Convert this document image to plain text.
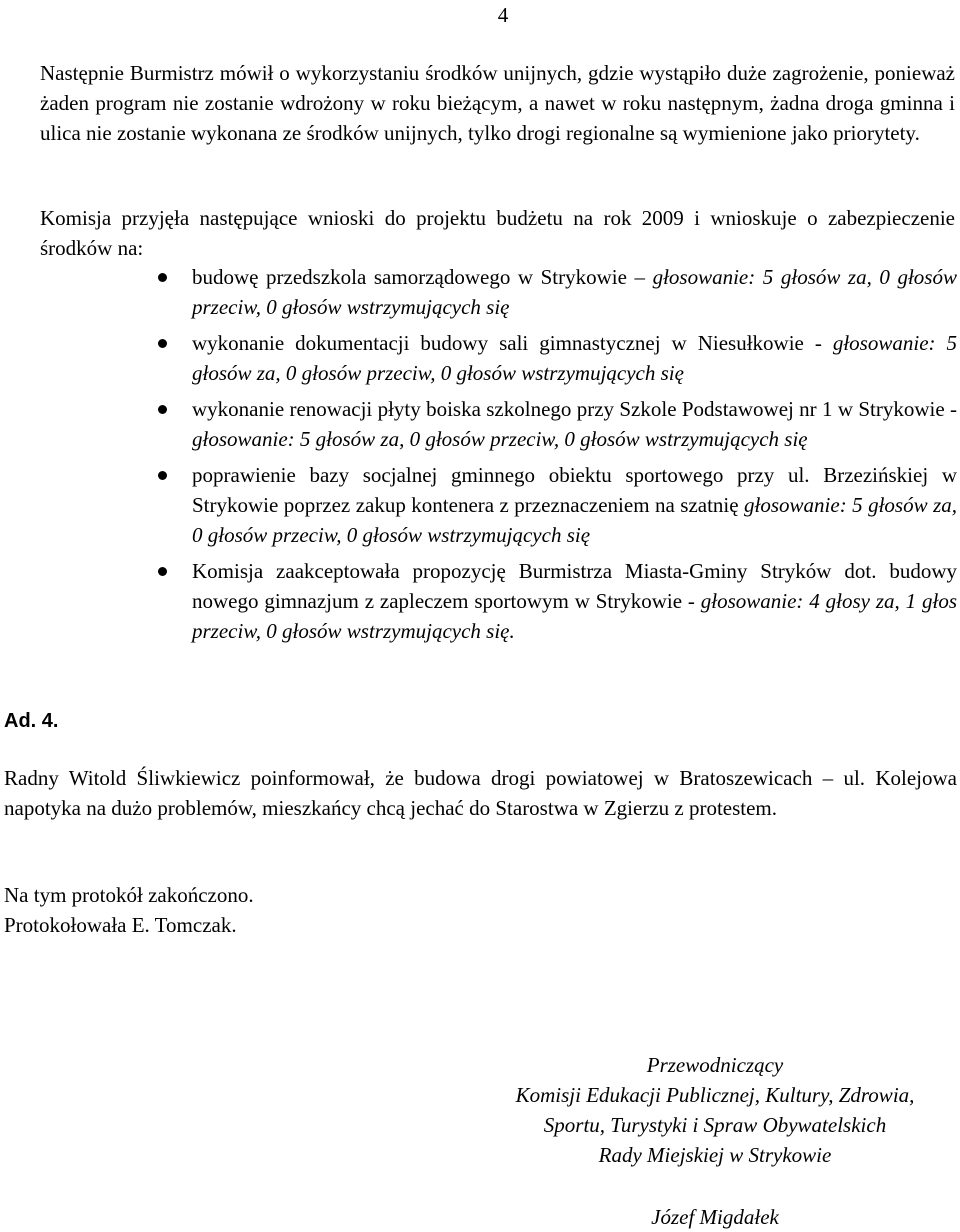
4

Następnie Burmistrz mówił o wykorzystaniu środków unijnych, gdzie wystąpiło duże zagrożenie, ponieważ żaden program nie zostanie wdrożony w roku bieżącym, a nawet w roku następnym, żadna droga gminna i ulica nie zostanie wykonana ze środków unijnych, tylko drogi regionalne są wymienione jako priorytety.

Komisja przyjęła następujące wnioski do projektu budżetu na rok 2009 i wnioskuje o zabezpieczenie środków na:

budowę przedszkola samorządowego w Strykowie – głosowanie: 5 głosów za, 0 głosów przeciw, 0 głosów wstrzymujących się
wykonanie dokumentacji budowy sali gimnastycznej w Niesułkowie - głosowanie: 5 głosów za, 0 głosów przeciw, 0 głosów wstrzymujących się
wykonanie renowacji płyty boiska szkolnego przy Szkole Podstawowej nr 1 w Strykowie - głosowanie: 5 głosów za, 0 głosów przeciw, 0 głosów wstrzymujących się
poprawienie bazy socjalnej gminnego obiektu sportowego przy ul. Brzezińskiej w Strykowie poprzez zakup kontenera z przeznaczeniem na szatnię głosowanie: 5 głosów za, 0 głosów przeciw, 0 głosów wstrzymujących się
Komisja zaakceptowała propozycję Burmistrza Miasta-Gminy Stryków dot. budowy nowego gimnazjum z zapleczem sportowym w Strykowie - głosowanie: 4 głosy za, 1 głos przeciw, 0 głosów wstrzymujących się.
Ad. 4.

Radny Witold Śliwkiewicz poinformował, że budowa drogi powiatowej w Bratoszewicach – ul. Kolejowa napotyka na dużo problemów, mieszkańcy chcą jechać do Starostwa w Zgierzu z protestem.

Na tym protokół zakończono.
Protokołowała E. Tomczak.
Przewodniczący
Komisji Edukacji Publicznej, Kultury, Zdrowia,
Sportu, Turystyki i Spraw Obywatelskich
Rady Miejskiej w Strykowie
Józef Migdałek
